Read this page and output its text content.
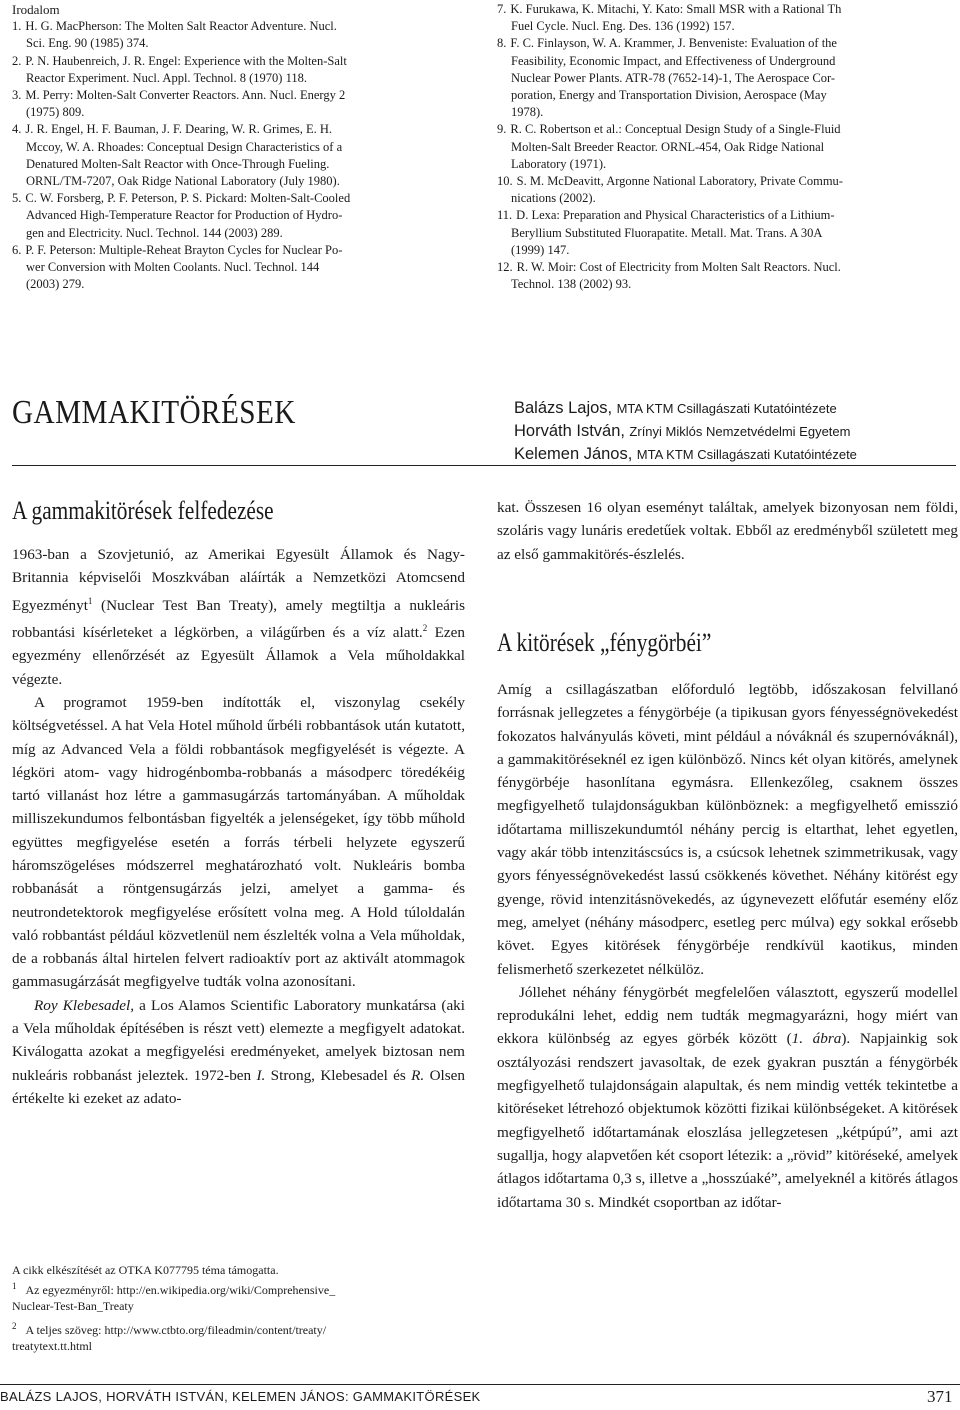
Irodalom
1. H. G. MacPherson: The Molten Salt Reactor Adventure. Nucl.
Sci. Eng. 90 (1985) 374.
2. P. N. Haubenreich, J. R. Engel: Experience with the Molten-Salt
Reactor Experiment. Nucl. Appl. Technol. 8 (1970) 118.
3. M. Perry: Molten-Salt Converter Reactors. Ann. Nucl. Energy 2
(1975) 809.
4. J. R. Engel, H. F. Bauman, J. F. Dearing, W. R. Grimes, E. H.
Mccoy, W. A. Rhoades: Conceptual Design Characteristics of a
Denatured Molten-Salt Reactor with Once-Through Fueling.
ORNL/TM-7207, Oak Ridge National Laboratory (July 1980).
5. C. W. Forsberg, P. F. Peterson, P. S. Pickard: Molten-Salt-Cooled
Advanced High-Temperature Reactor for Production of Hydro-
gen and Electricity. Nucl. Technol. 144 (2003) 289.
6. P. F. Peterson: Multiple-Reheat Brayton Cycles for Nuclear Po-
wer Conversion with Molten Coolants. Nucl. Technol. 144
(2003) 279.
7. K. Furukawa, K. Mitachi, Y. Kato: Small MSR with a Rational Th
Fuel Cycle. Nucl. Eng. Des. 136 (1992) 157.
8. F. C. Finlayson, W. A. Krammer, J. Benveniste: Evaluation of the
Feasibility, Economic Impact, and Effectiveness of Underground
Nuclear Power Plants. ATR-78 (7652-14)-1, The Aerospace Cor-
poration, Energy and Transportation Division, Aerospace (May
1978).
9. R. C. Robertson et al.: Conceptual Design Study of a Single-Fluid
Molten-Salt Breeder Reactor. ORNL-454, Oak Ridge National
Laboratory (1971).
10. S. M. McDeavitt, Argonne National Laboratory, Private Commu-
nications (2002).
11. D. Lexa: Preparation and Physical Characteristics of a Lithium-
Beryllium Substituted Fluorapatite. Metall. Mat. Trans. A 30A
(1999) 147.
12. R. W. Moir: Cost of Electricity from Molten Salt Reactors. Nucl.
Technol. 138 (2002) 93.
GAMMAKITÖRÉSEK	Balázs Lajos, MTA KTM Csillagászati Kutatóintézete
Horváth István, Zrínyi Miklós Nemzetvédelmi Egyetem
Kelemen János, MTA KTM Csillagászati Kutatóintézete
A gammakitörések felfedezése

1963-ban a Szovjetunió, az Amerikai Egyesült Államok és Nagy-Britannia képviselői Moszkvában aláírták a Nemzetközi Atomcsend Egyezményt$^1$ (Nuclear Test Ban Treaty), amely megtiltja a nukleáris robbantási kísérleteket a légkörben, a világűrben és a víz alatt.$^2$ Ezen egyezmény ellenőrzését az Egyesült Államok a Vela műholdakkal végezte.

A programot 1959-ben indították el, viszonylag csekély költségvetéssel. A hat Vela Hotel műhold űrbéli robbantások után kutatott, míg az Advanced Vela a földi robbantások megfigyelését is végezte. A légköri atom- vagy hidrogénbomba-robbanás a másodperc töredékéig tartó villanást hoz létre a gammasugárzás tartományában. A műholdak milliszekundumos felbontásban figyelték a jelenségeket, így több műhold együttes megfigyelése esetén a forrás térbeli helyzete egyszerű háromszögeléses módszerrel meghatározható volt. Nukleáris bomba robbanását a röntgensugárzás jelzi, amelyet a gamma- és neutrondetektorok megfigyelése erősített volna meg. A Hold túloldalán való robbantást például közvetlenül nem észlelték volna a Vela műholdak, de a robbanás által hirtelen felvert radioaktív port az aktivált atommagok gammasugárzását megfigyelve tudták volna azonosítani.

Roy Klebesadel, a Los Alamos Scientific Laboratory munkatársa (aki a Vela műholdak építésében is részt vett) elemezte a megfigyelt adatokat. Kiválogatta azokat a megfigyelési eredményeket, amelyek biztosan nem nukleáris robbanást jeleztek. 1972-ben I. Strong, Klebesadel és R. Olsen értékelte ki ezeket az adato-

A cikk elkészítését az OTKA K077795 téma támogatta.
$^1$ Az egyezményről: http://en.wikipedia.org/wiki/Comprehensive_
Nuclear-Test-Ban_Treaty
$^2$ A teljes szöveg: http://www.ctbto.org/fileadmin/content/treaty/
treatytext.tt.html

kat. Összesen 16 olyan eseményt találtak, amelyek bizonyosan nem földi, szoláris vagy lunáris eredetűek voltak. Ebből az eredményből született meg az első gammakitörés-észlelés.

A kitörések „fénygörbéi”

Amíg a csillagászatban előforduló legtöbb, időszakosan felvillanó forrásnak jellegzetes a fénygörbéje (a tipikusan gyors fényességnövekedést fokozatos halványulás követi, mint például a nóváknál és szupernóváknál), a gammakitöréseknél ez igen különböző. Nincs két olyan kitörés, amelynek fénygörbéje hasonlítana egymásra. Ellenkezőleg, csaknem összes megfigyelhető tulajdonságukban különböznek: a megfigyelhető emisszió időtartama milliszekundumtól néhány percig is eltarthat, lehet egyetlen, vagy akár több intenzitáscsúcs is, a csúcsok lehetnek szimmetrikusak, vagy gyors fényességnövekedést lassú csökkenés követhet. Néhány kitörést egy gyenge, rövid intenzitásnövekedés, az úgynevezett előfutár esemény előz meg, amelyet (néhány másodperc, esetleg perc múlva) egy sokkal erősebb követ. Egyes kitörések fénygörbéje rendkívül kaotikus, minden felismerhető szerkezetet nélkülöz.

Jóllehet néhány fénygörbét megfelelően választott, egyszerű modellel reprodukálni lehet, eddig nem tudták megmagyarázni, hogy miért van ekkora különbség az egyes görbék között (1. ábra). Napjainkig sok osztályozási rendszert javasoltak, de ezek gyakran pusztán a fénygörbék megfigyelhető tulajdonságain alapultak, és nem mindig vették tekintetbe a kitöréseket létrehozó objektumok közötti fizikai különbségeket. A kitörések megfigyelhető időtartamának eloszlása jellegzetesen „kétpúpú”, ami azt sugallja, hogy alapvetően két csoport létezik: a „rövid” kitöréseké, amelyek átlagos időtartama 0,3 s, illetve a „hosszúaké”, amelyeknél a kitörés átlagos időtartama 30 s. Mindkét csoportban az időtar-

BALÁZS LAJOS, HORVÁTH ISTVÁN, KELEMEN JÁNOS: GAMMAKITÖRÉSEK	371
